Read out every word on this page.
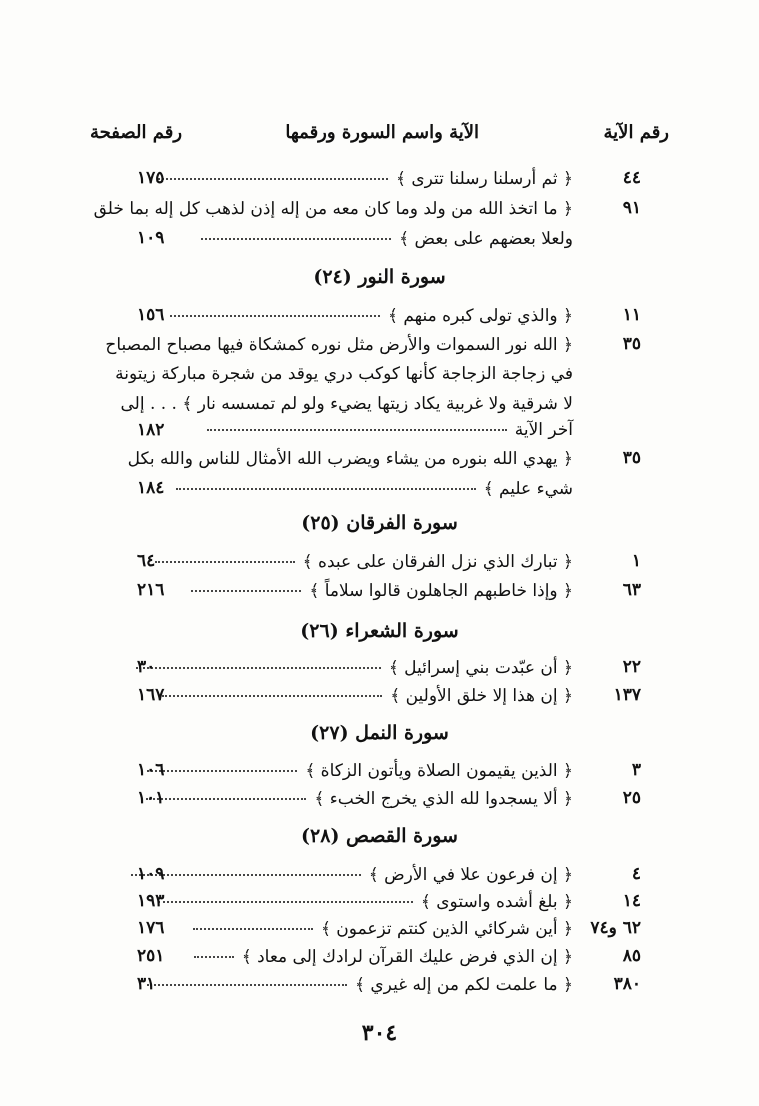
رقم الآية
الآية واسم السورة ورقمها
رقم الصفحة
٤٤
﴿ ثم أرسلنا رسلنا تترى ﴾
١٧٥
٩١
﴿ ما اتخذ الله من ولد وما كان معه من إله إذن لذهب كل إله بما خلق
ولعلا بعضهم على بعض ﴾
١٠٩
سورة النور (٢٤)
١١
﴿ والذي تولى كبره منهم ﴾
١٥٦
٣٥
﴿ الله نور السموات والأرض مثل نوره كمشكاة فيها مصباح المصباح
في زجاجة الزجاجة كأنها كوكب دري يوقد من شجرة مباركة زيتونة
لا شرقية ولا غربية يكاد زيتها يضيء ولو لم تمسسه نار ﴾ . . . إلى
آخر الآية
١٨٢
٣٥
﴿ يهدي الله بنوره من يشاء ويضرب الله الأمثال للناس والله بكل
شيء عليم ﴾
١٨٤
سورة الفرقان (٢٥)
١
﴿ تبارك الذي نزل الفرقان على عبده ﴾
٦٤
٦٣
﴿ وإذا خاطبهم الجاهلون قالوا سلاماً ﴾
٢١٦
سورة الشعراء (٢٦)
٢٢
﴿ أن عبّدت بني إسرائيل ﴾
٣٠
١٣٧
﴿ إن هذا إلا خلق الأولين ﴾
١٦٧
سورة النمل (٢٧)
٣
﴿ الذين يقيمون الصلاة ويأتون الزكاة ﴾
١٠٦
٢٥
﴿ ألا يسجدوا لله الذي يخرج الخبء ﴾
١٠١
سورة القصص (٢٨)
٤
﴿ إن فرعون علا في الأرض ﴾
١٠٩
١٤
﴿ بلغ أشده واستوى ﴾
١٩٣
٦٢ و٧٤
﴿ أين شركائي الذين كنتم تزعمون ﴾
١٧٦
٨٥
﴿ إن الذي فرض عليك القرآن لرادك إلى معاد ﴾
٢٥١
٣٨٠
﴿ ما علمت لكم من إله غيري ﴾
٣١
٣٠٤
